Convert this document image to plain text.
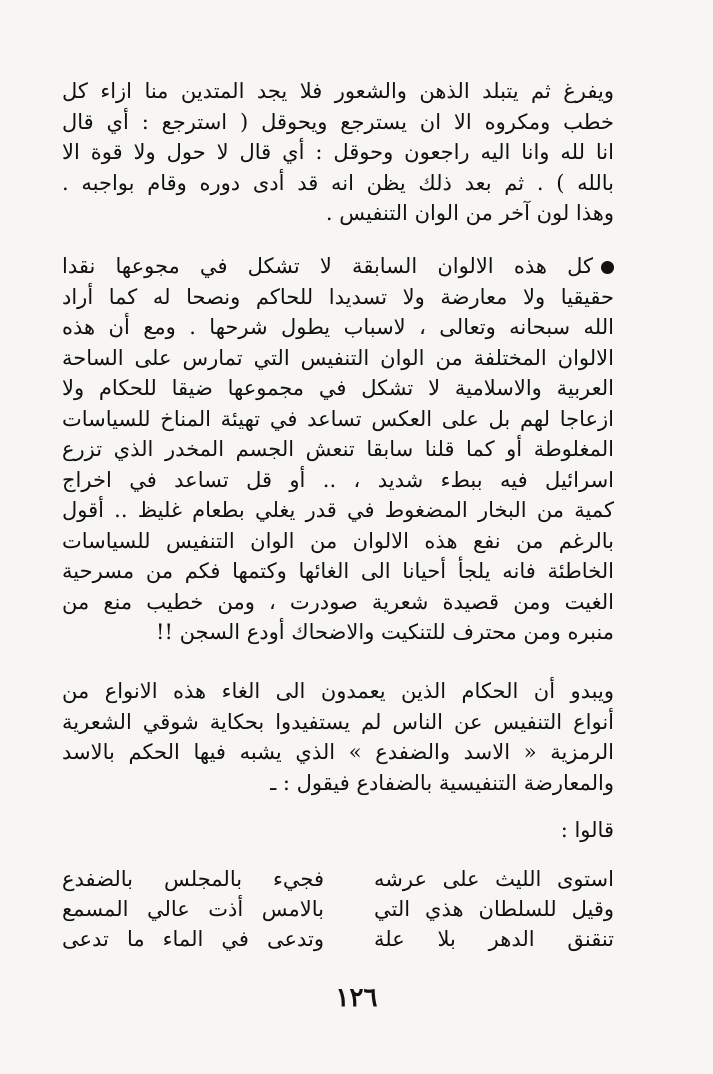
ويفرغ ثم يتبلد الذهن والشعور فلا يجد المتدين منا ازاء كل
خطب ومكروه الا ان يسترجع ويحوقل ( استرجع : أي قال
انا لله وانا اليه راجعون وحوقل : أي قال لا حول ولا قوة الا
بالله ) . ثم بعد ذلك يظن انه قد أدى دوره وقام بواجبه .
وهذا لون آخر من الوان التنفيس .
كل هذه الالوان السابقة لا تشكل في مجوعها نقدا
حقيقيا ولا معارضة ولا تسديدا للحاكم ونصحا له كما أراد
الله سبحانه وتعالى ، لاسباب يطول شرحها . ومع أن هذه
الالوان المختلفة من الوان التنفيس التي تمارس على الساحة
العربية والاسلامية لا تشكل في مجموعها ضيقا للحكام ولا
ازعاجا لهم بل على العكس تساعد في تهيئة المناخ للسياسات
المغلوطة أو كما قلنا سابقا تنعش الجسم المخدر الذي تزرع
اسرائيل فيه ببطء شديد ، .. أو قل تساعد في اخراج
كمية من البخار المضغوط في قدر يغلي بطعام غليظ .. أقول
بالرغم من نفع هذه الالوان من الوان التنفيس للسياسات
الخاطئة فانه يلجأ أحيانا الى الغائها وكتمها فكم من مسرحية
الغيت ومن قصيدة شعرية صودرت ، ومن خطيب منع من
منبره ومن محترف للتنكيت والاضحاك أودع السجن !!
ويبدو أن الحكام الذين يعمدون الى الغاء هذه الانواع من
أنواع التنفيس عن الناس لم يستفيدوا بحكاية شوقي الشعرية
الرمزية « الاسد والضفدع » الذي يشبه فيها الحكم بالاسد
والمعارضة التنفيسية بالضفادع فيقول : ـ
قالوا :
استوى الليث على عرشه
فجيء بالمجلس بالضفدع
وقيل للسلطان هذي التي
بالامس أذت عالي المسمع
تنقنق الدهر بلا علة
وتدعى في الماء ما تدعى
١٢٦
